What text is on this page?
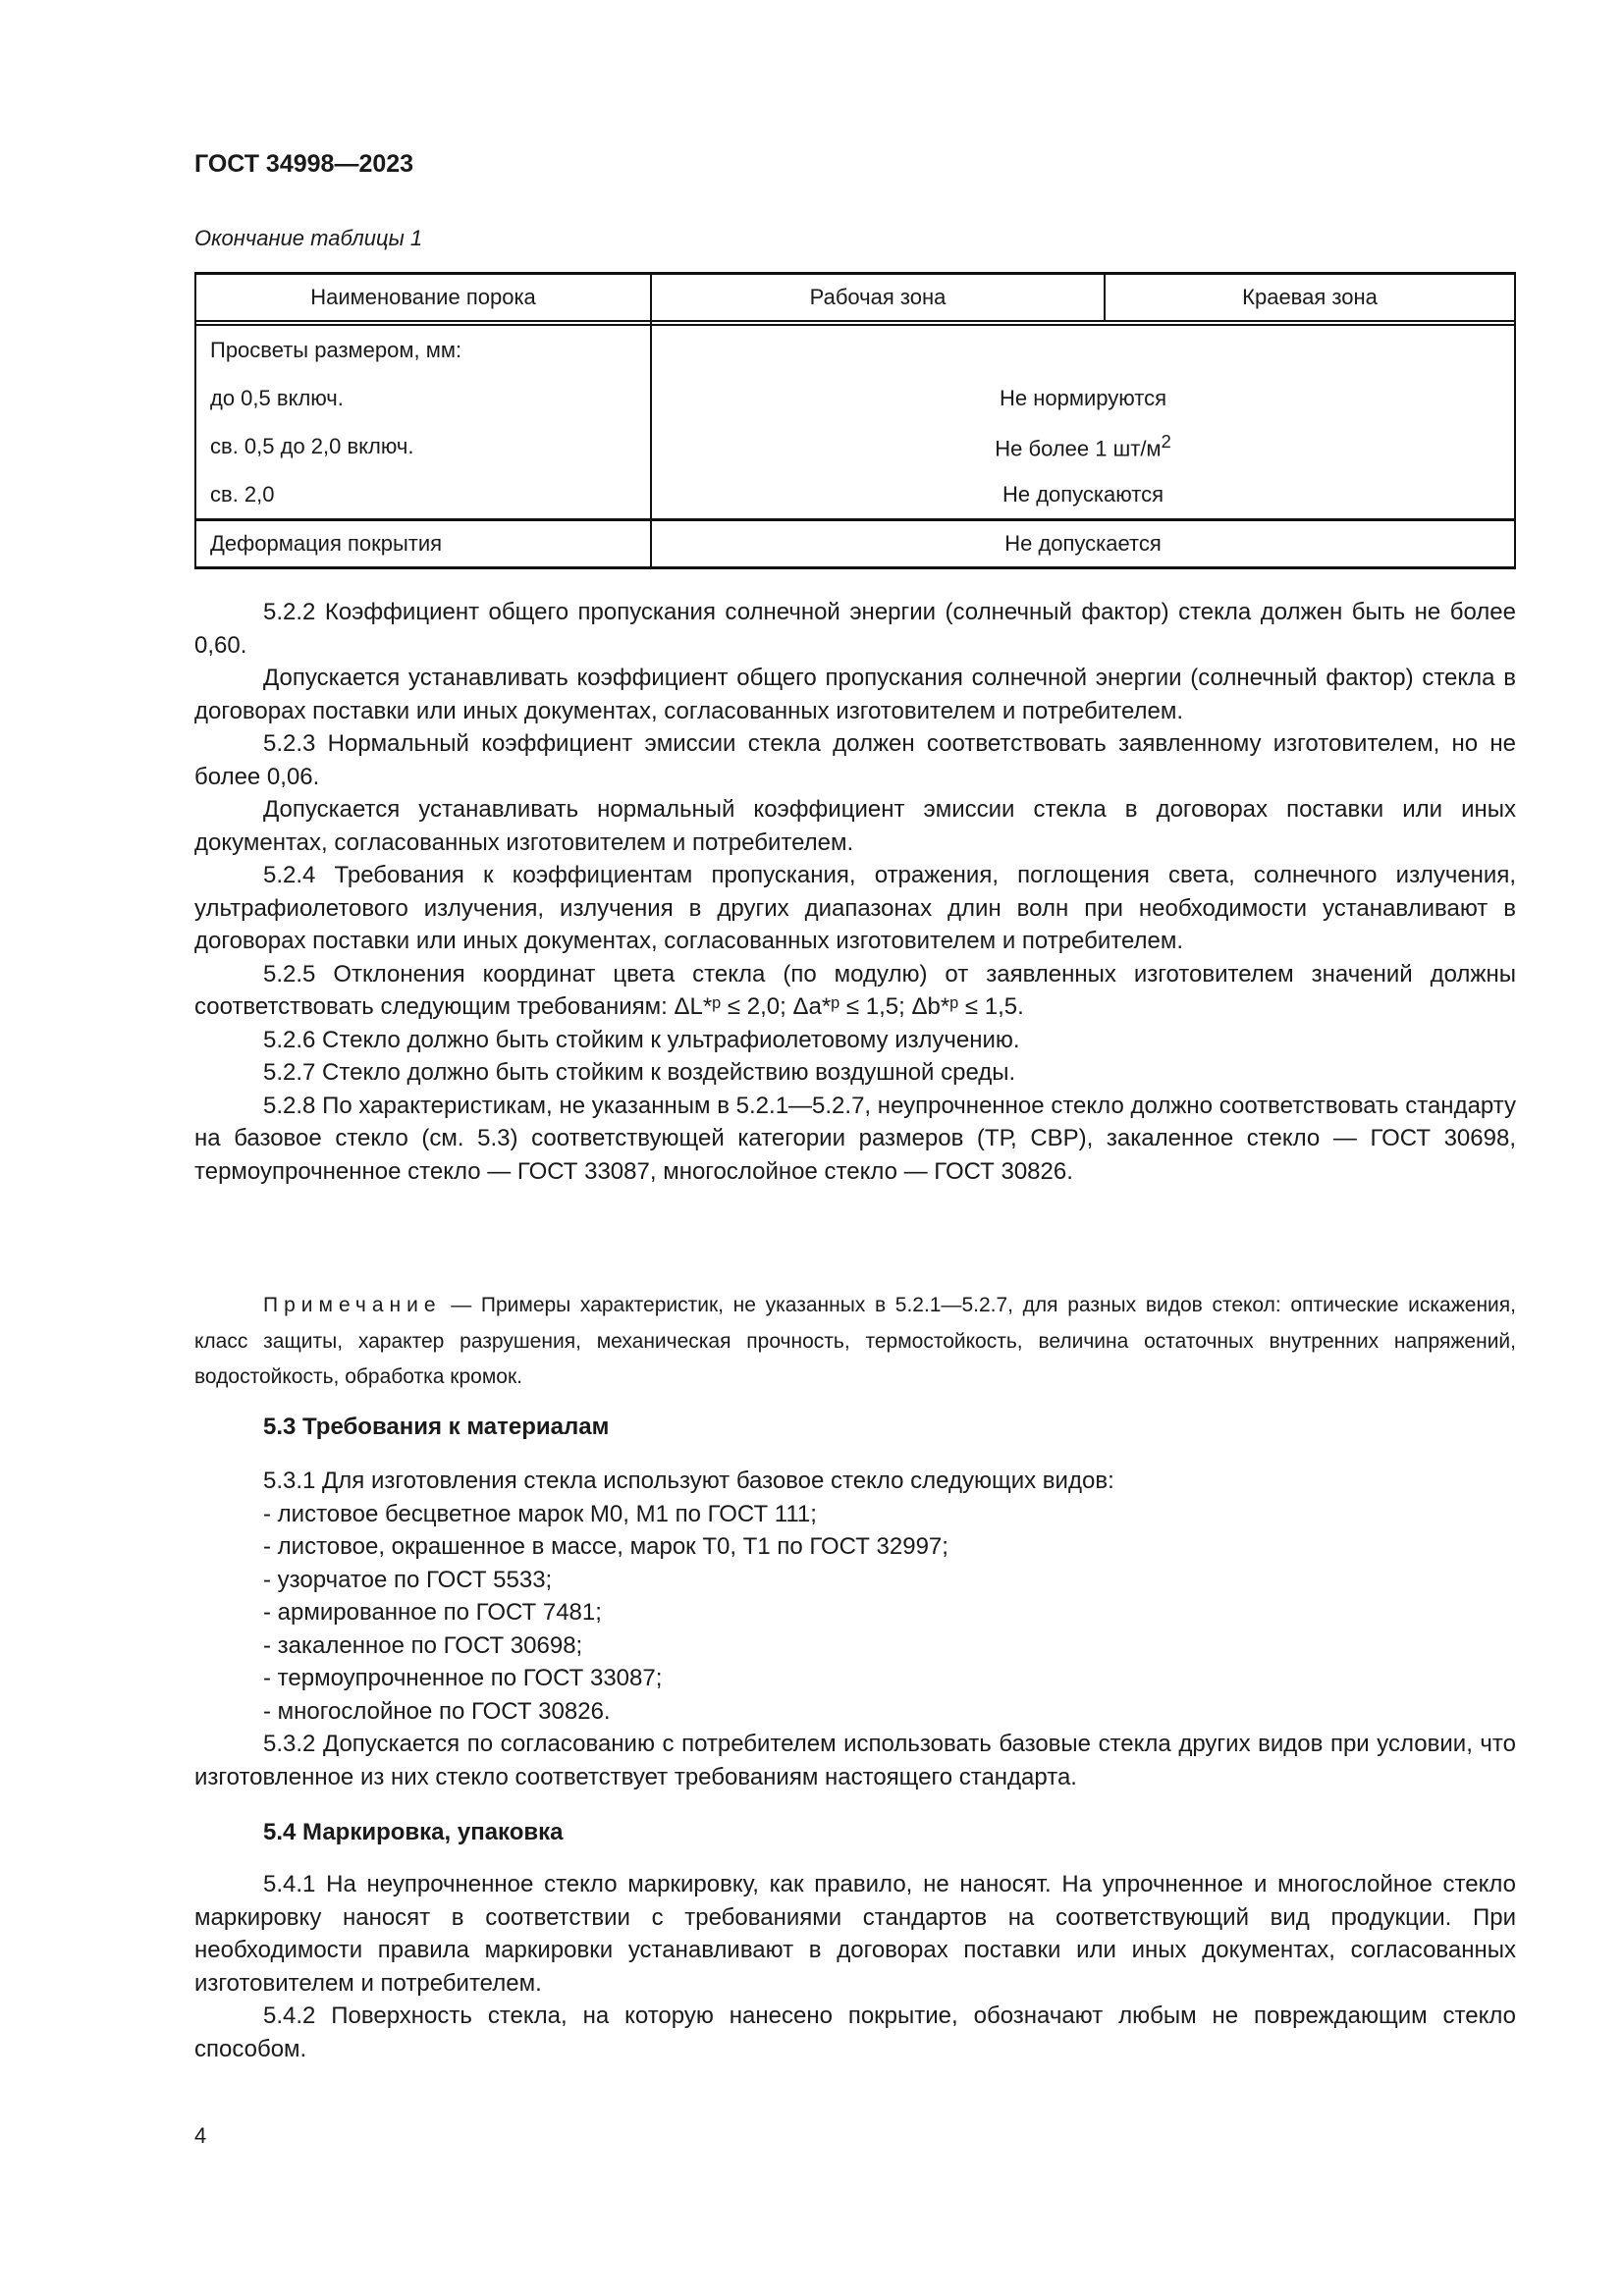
ГОСТ 34998—2023
Окончание таблицы 1
Наименование порока	Рабочая зона	Краевая зона

Просветы размером, мм:		
до 0,5 включ.	Не нормируются	
св. 0,5 до 2,0 включ.	Не более 1 $шт/м^2$
св. 2,0	Не допускаются	
Деформация покрытия	Не допускается	

5.2.2 Коэффициент общего пропускания солнечной энергии (солнечный фактор) стекла должен быть не более 0,60.

Допускается устанавливать коэффициент общего пропускания солнечной энергии (солнечный фактор) стекла в договорах поставки или иных документах, согласованных изготовителем и потребителем.

5.2.3 Нормальный коэффициент эмиссии стекла должен соответствовать заявленному изготовителем, но не более 0,06.

Допускается устанавливать нормальный коэффициент эмиссии стекла в договорах поставки или иных документах, согласованных изготовителем и потребителем.

5.2.4 Требования к коэффициентам пропускания, отражения, поглощения света, солнечного излучения, ультрафиолетового излучения, излучения в других диапазонах длин волн при необходимости устанавливают в договорах поставки или иных документах, согласованных изготовителем и потребителем.

5.2.5 Отклонения координат цвета стекла (по модулю) от заявленных изготовителем значений должны соответствовать следующим требованиям: ΔL*ᵖ ≤ 2,0; Δa*ᵖ ≤ 1,5; Δb*ᵖ ≤ 1,5.

5.2.6 Стекло должно быть стойким к ультрафиолетовому излучению.

5.2.7 Стекло должно быть стойким к воздействию воздушной среды.

5.2.8 По характеристикам, не указанным в 5.2.1—5.2.7, неупрочненное стекло должно соответствовать стандарту на базовое стекло (см. 5.3) соответствующей категории размеров (ТР, СВР), закаленное стекло — ГОСТ 30698, термоупрочненное стекло — ГОСТ 33087, многослойное стекло — ГОСТ 30826.

Примечание — Примеры характеристик, не указанных в 5.2.1—5.2.7, для разных видов стекол: оптические искажения, класс защиты, характер разрушения, механическая прочность, термостойкость, величина остаточных внутренних напряжений, водостойкость, обработка кромок.
5.3 Требования к материалам

5.3.1 Для изготовления стекла используют базовое стекло следующих видов:

- листовое бесцветное марок М0, М1 по ГОСТ 111;

- листовое, окрашенное в массе, марок Т0, Т1 по ГОСТ 32997;

- узорчатое по ГОСТ 5533;

- армированное по ГОСТ 7481;

- закаленное по ГОСТ 30698;

- термоупрочненное по ГОСТ 33087;

- многослойное по ГОСТ 30826.

5.3.2 Допускается по согласованию с потребителем использовать базовые стекла других видов при условии, что изготовленное из них стекло соответствует требованиям настоящего стандарта.

5.4 Маркировка, упаковка

5.4.1 На неупрочненное стекло маркировку, как правило, не наносят. На упрочненное и многослойное стекло маркировку наносят в соответствии с требованиями стандартов на соответствующий вид продукции. При необходимости правила маркировки устанавливают в договорах поставки или иных документах, согласованных изготовителем и потребителем.

5.4.2 Поверхность стекла, на которую нанесено покрытие, обозначают любым не повреждающим стекло способом.

4
